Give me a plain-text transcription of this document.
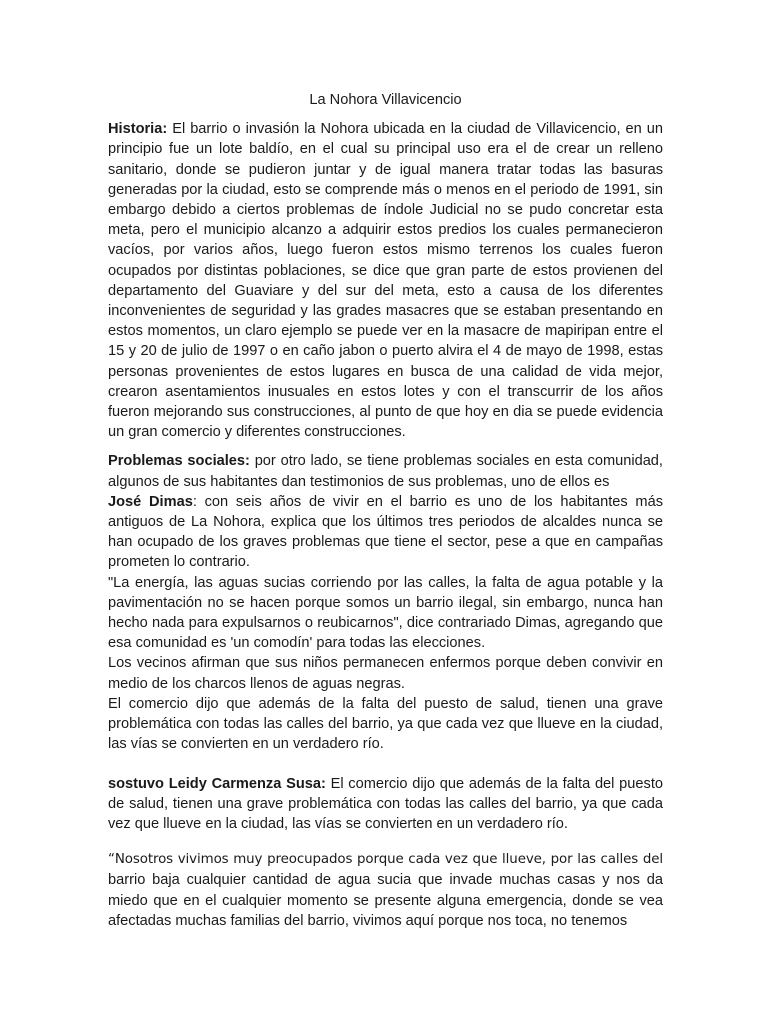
La Nohora Villavicencio

Historia: El barrio o invasión la Nohora ubicada en la ciudad de Villavicencio, en un principio fue un lote baldío, en el cual su principal uso era el de crear un relleno sanitario, donde se pudieron juntar y de igual manera tratar todas las basuras generadas por la ciudad, esto se comprende más o menos en el periodo de 1991, sin embargo debido a ciertos problemas de índole Judicial no se pudo concretar esta meta, pero el municipio alcanzo a adquirir estos predios los cuales permanecieron vacíos, por varios años, luego fueron estos mismo terrenos los cuales fueron ocupados por distintas poblaciones, se dice que gran parte de estos provienen del departamento del Guaviare y del sur del meta, esto a causa de los diferentes inconvenientes de seguridad y las grades masacres que se estaban presentando en estos momentos, un claro ejemplo se puede ver en la masacre de mapiripan entre el 15 y 20 de julio de 1997 o en caño jabon o puerto alvira el 4 de mayo de 1998, estas personas provenientes de estos lugares en busca de una calidad de vida mejor, crearon asentamientos inusuales en estos lotes y con el transcurrir de los años fueron mejorando sus construcciones, al punto de que hoy en dia se puede evidencia un gran comercio y diferentes construcciones.

Problemas sociales: por otro lado, se tiene problemas sociales en esta comunidad, algunos de sus habitantes dan testimonios de sus problemas, uno de ellos es

José Dimas: con seis años de vivir en el barrio es uno de los habitantes más antiguos de La Nohora, explica que los últimos tres periodos de alcaldes nunca se han ocupado de los graves problemas que tiene el sector, pese a que en campañas prometen lo contrario.

"La energía, las aguas sucias corriendo por las calles, la falta de agua potable y la pavimentación no se hacen porque somos un barrio ilegal, sin embargo, nunca han hecho nada para expulsarnos o reubicarnos", dice contrariado Dimas, agregando que esa comunidad es 'un comodín' para todas las elecciones.

Los vecinos afirman que sus niños permanecen enfermos porque deben convivir en medio de los charcos llenos de aguas negras.

El comercio dijo que además de la falta del puesto de salud, tienen una grave problemática con todas las calles del barrio, ya que cada vez que llueve en la ciudad, las vías se convierten en un verdadero río.

sostuvo Leidy Carmenza Susa: El comercio dijo que además de la falta del puesto de salud, tienen una grave problemática con todas las calles del barrio, ya que cada vez que llueve en la ciudad, las vías se convierten en un verdadero río.

“Nosotros vivimos muy preocupados porque cada vez que llueve, por las calles del barrio baja cualquier cantidad de agua sucia que invade muchas casas y nos da miedo que en el cualquier momento se presente alguna emergencia, donde se vea afectadas muchas familias del barrio, vivimos aquí porque nos toca, no tenemos
